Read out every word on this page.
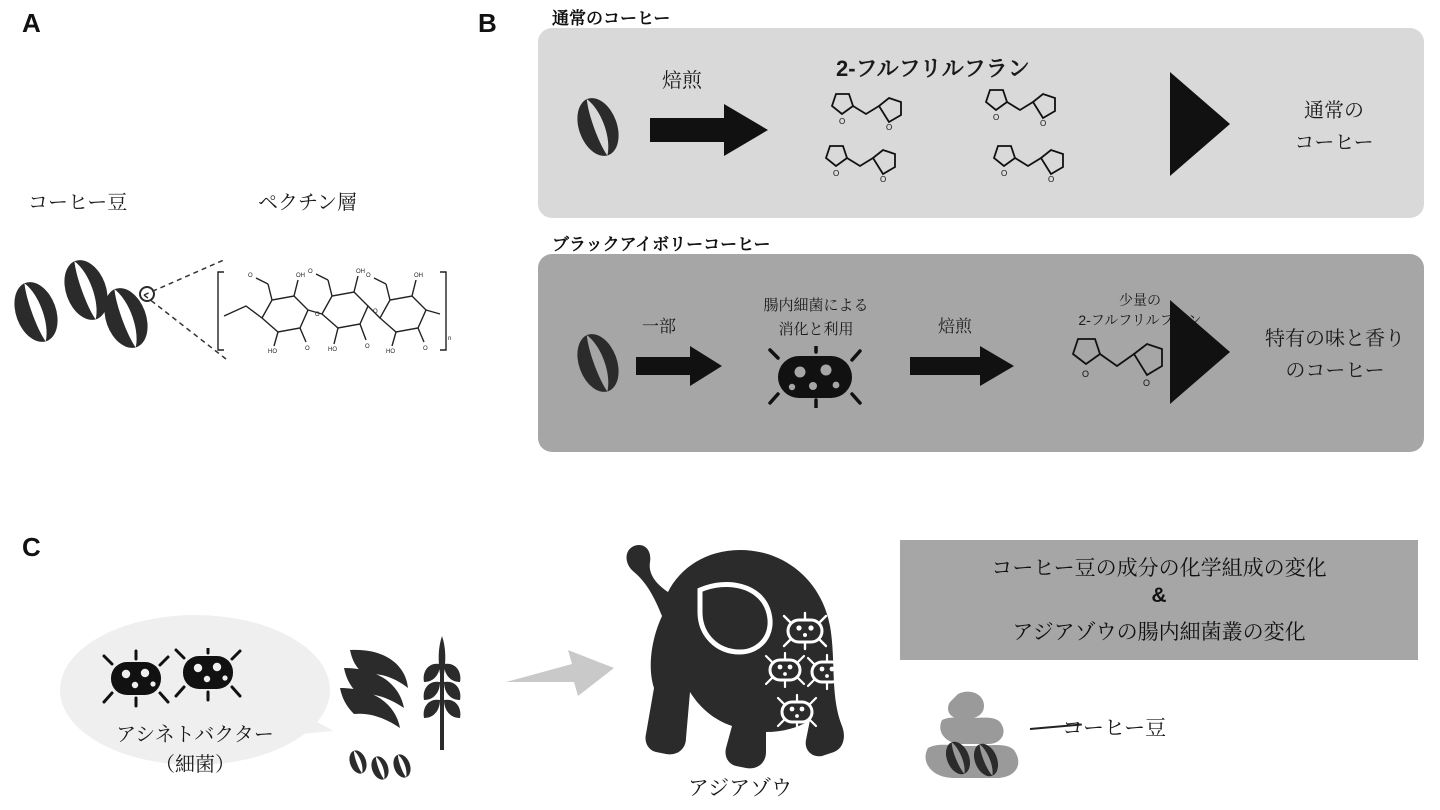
A
コーヒー豆	ペクチン層
OH
OH
OH
O
O
O
HO	HO	HO
O	O	O
O	O
n
B	通常のコーヒー
焙煎	2-フルフリルフラン
O
O
O
O
O
O
O
O
通常の
コーヒー
ブラックアイボリーコーヒー
一部
腸内細菌による
消化と利用	焙煎
少量の
2-フルフリルフラン
O
O
特有の味と香り
のコーヒー
C
アシネトバクター
（細菌）
アジアゾウ
コーヒー豆の成分の化学組成の変化
&
アジアゾウの腸内細菌叢の変化
コーヒー豆
